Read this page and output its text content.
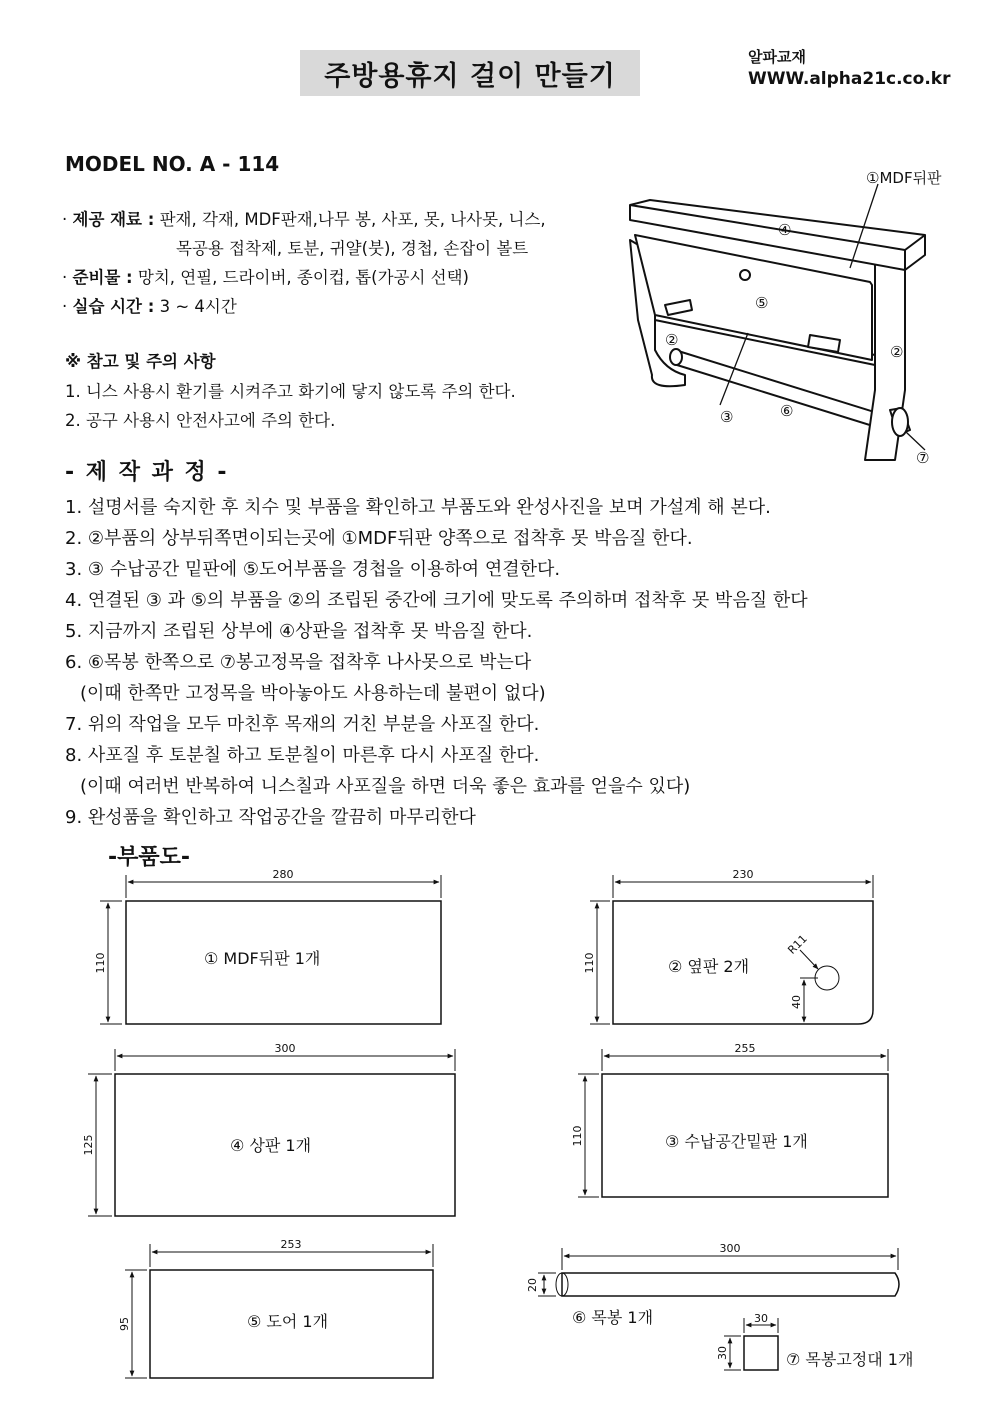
주방용휴지 걸이 만들기
알파교재
WWW.alpha21c.co.kr
MODEL NO. A - 114
· 제공 재료 : 판재, 각재, MDF판재,나무 봉, 사포, 못, 나사못, 니스,
목공용 접착제, 토분, 귀얄(붓), 경첩, 손잡이 볼트
· 준비물 : 망치, 연필, 드라이버, 종이컵, 톱(가공시 선택)
· 실습 시간 : 3 ~ 4시간
※ 참고 및 주의 사항
1. 니스 사용시 환기를 시켜주고 화기에 닿지 않도록 주의 한다.
2. 공구 사용시 안전사고에 주의 한다.
①MDF뒤판
④
⑤
②
②
③	⑥
⑦
- 제 작 과 정 -
1. 설명서를 숙지한 후 치수 및 부품을 확인하고 부품도와 완성사진을 보며 가설계 해 본다.
2. ②부품의 상부뒤쪽면이되는곳에 ①MDF뒤판 양쪽으로 접착후 못 박음질 한다.
3. ③ 수납공간 밑판에 ⑤도어부품을 경첩을 이용하여 연결한다.
4. 연결된 ③ 과 ⑤의 부품을 ②의 조립된 중간에 크기에 맞도록 주의하며 접착후 못 박음질 한다
5. 지금까지 조립된 상부에 ④상판을 접착후 못 박음질 한다.
6. ⑥목봉 한쪽으로 ⑦봉고정목을 접착후 나사못으로 박는다
(이때 한쪽만 고정목을 박아놓아도 사용하는데 불편이 없다)
7. 위의 작업을 모두 마친후 목재의 거친 부분을 사포질 한다.
8. 사포질 후 토분칠 하고 토분칠이 마른후 다시 사포질 한다.
(이때 여러번 반복하여 니스칠과 사포질을 하면 더욱 좋은 효과를 얻을수 있다)
9. 완성품을 확인하고 작업공간을 깔끔히 마무리한다
-부품도-
280
110
230
110
R11
40
300
125
255
110
253
95
300
20
30
30
① MDF뒤판 1개	② 옆판 2개
④ 상판 1개	③ 수납공간밑판 1개
⑤ 도어 1개	⑥ 목봉 1개
⑦ 목봉고정대 1개
